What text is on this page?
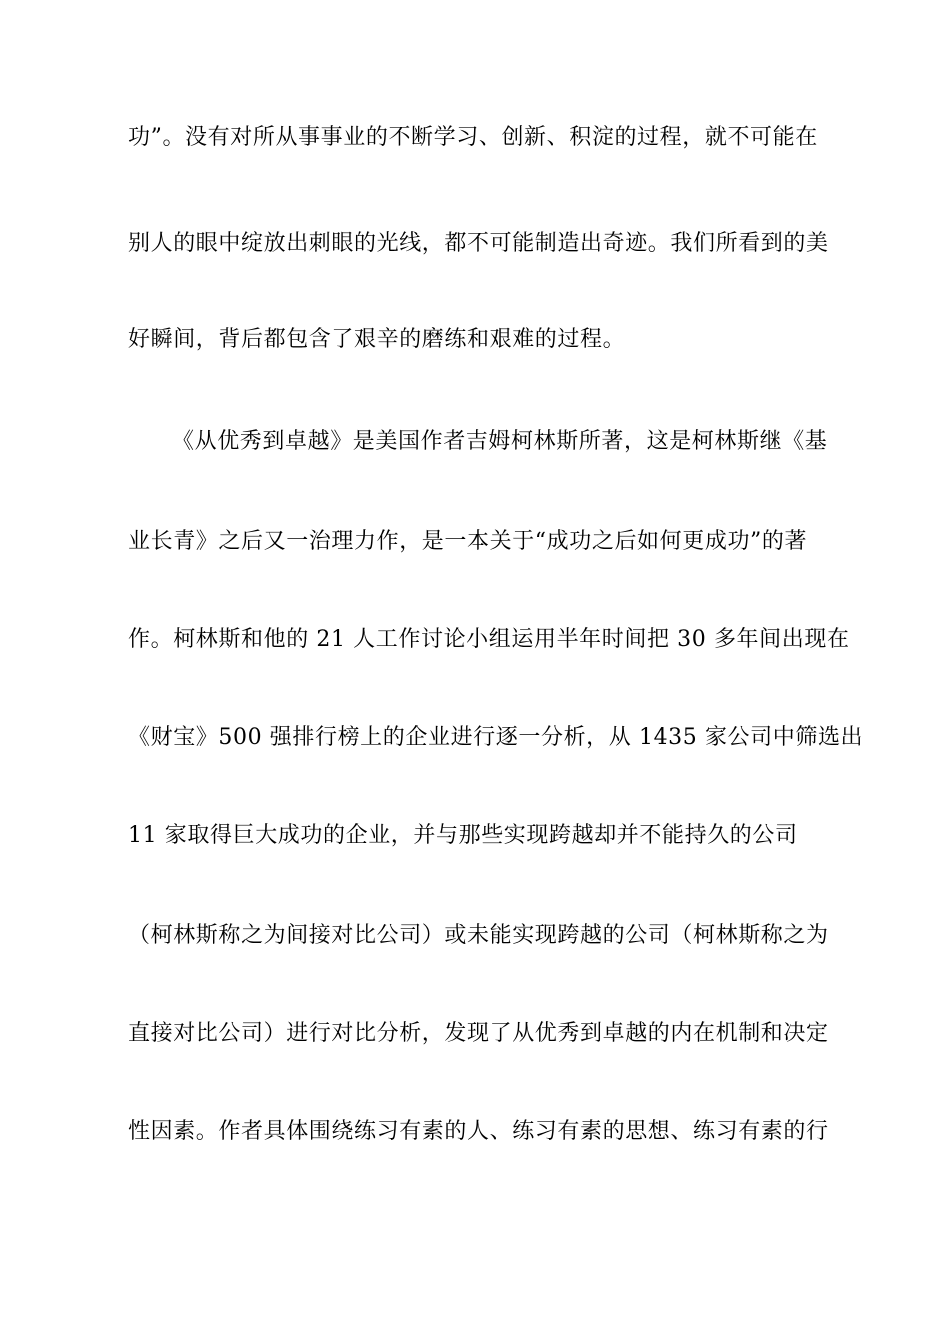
功”。没有对所从事事业的不断学习、创新、积淀的过程，就不可能在
别人的眼中绽放出刺眼的光线，都不可能制造出奇迹。我们所看到的美
好瞬间，背后都包含了艰辛的磨练和艰难的过程。
《从优秀到卓越》是美国作者吉姆柯林斯所著，这是柯林斯继《基
业长青》之后又一治理力作，是一本关于“成功之后如何更成功”的著
作。柯林斯和他的 21 人工作讨论小组运用半年时间把 30 多年间出现在
《财宝》500 强排行榜上的企业进行逐一分析，从 1435 家公司中筛选出
11 家取得巨大成功的企业，并与那些实现跨越却并不能持久的公司
（柯林斯称之为间接对比公司）或未能实现跨越的公司（柯林斯称之为
直接对比公司）进行对比分析，发现了从优秀到卓越的内在机制和决定
性因素。作者具体围绕练习有素的人、练习有素的思想、练习有素的行
